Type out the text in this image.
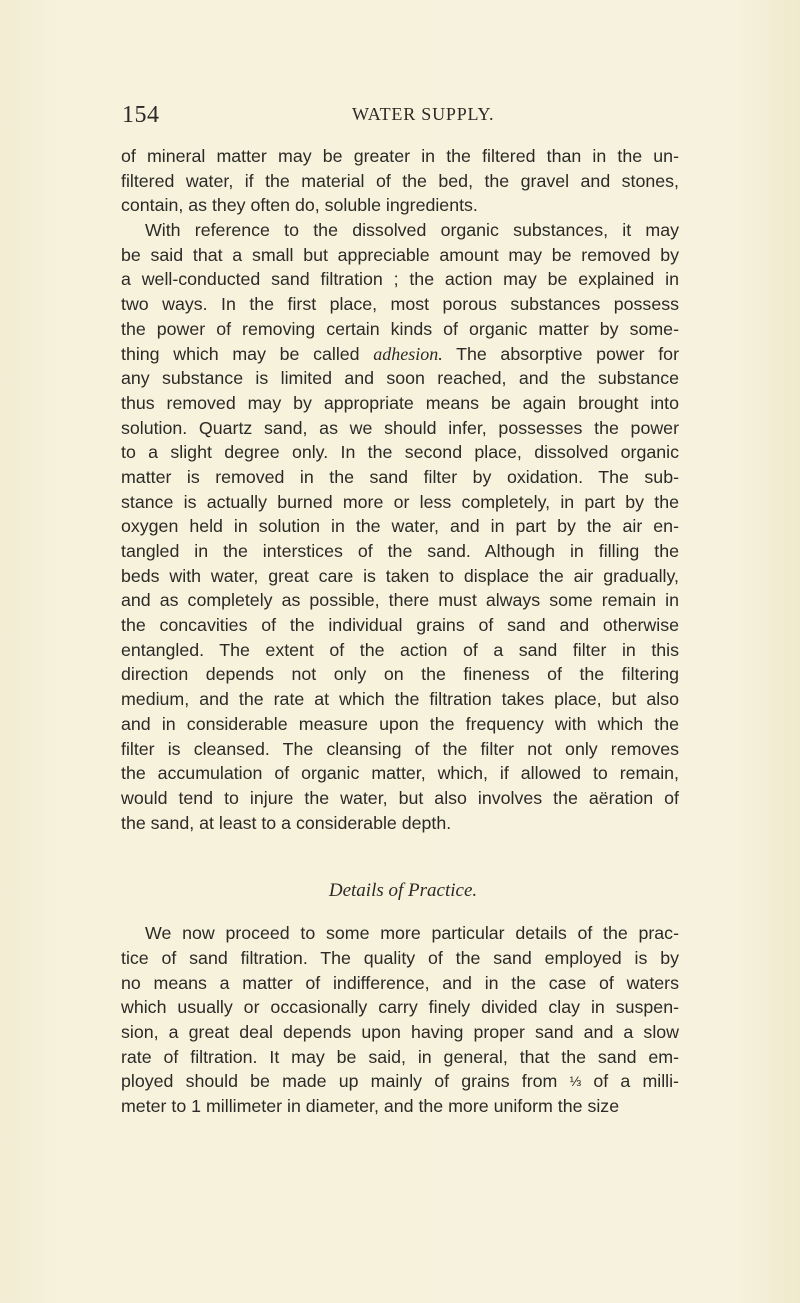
154	WATER SUPPLY.
of mineral matter may be greater in the filtered than in the un-
filtered water, if the material of the bed, the gravel and stones,
contain, as they often do, soluble ingredients.
With reference to the dissolved organic substances, it may
be said that a small but appreciable amount may be removed by
a well-conducted sand filtration ; the action may be explained in
two ways. In the first place, most porous substances possess
the power of removing certain kinds of organic matter by some-
thing which may be called adhesion. The absorptive power for
any substance is limited and soon reached, and the substance
thus removed may by appropriate means be again brought into
solution. Quartz sand, as we should infer, possesses the power
to a slight degree only. In the second place, dissolved organic
matter is removed in the sand filter by oxidation. The sub-
stance is actually burned more or less completely, in part by the
oxygen held in solution in the water, and in part by the air en-
tangled in the interstices of the sand. Although in filling the
beds with water, great care is taken to displace the air gradually,
and as completely as possible, there must always some remain in
the concavities of the individual grains of sand and otherwise
entangled. The extent of the action of a sand filter in this
direction depends not only on the fineness of the filtering
medium, and the rate at which the filtration takes place, but also
and in considerable measure upon the frequency with which the
filter is cleansed. The cleansing of the filter not only removes
the accumulation of organic matter, which, if allowed to remain,
would tend to injure the water, but also involves the aëration of
the sand, at least to a considerable depth.
Details of Practice.
We now proceed to some more particular details of the prac-
tice of sand filtration. The quality of the sand employed is by
no means a matter of indifference, and in the case of waters
which usually or occasionally carry finely divided clay in suspen-
sion, a great deal depends upon having proper sand and a slow
rate of filtration. It may be said, in general, that the sand em-
ployed should be made up mainly of grains from ⅓ of a milli-
meter to 1 millimeter in diameter, and the more uniform the size
